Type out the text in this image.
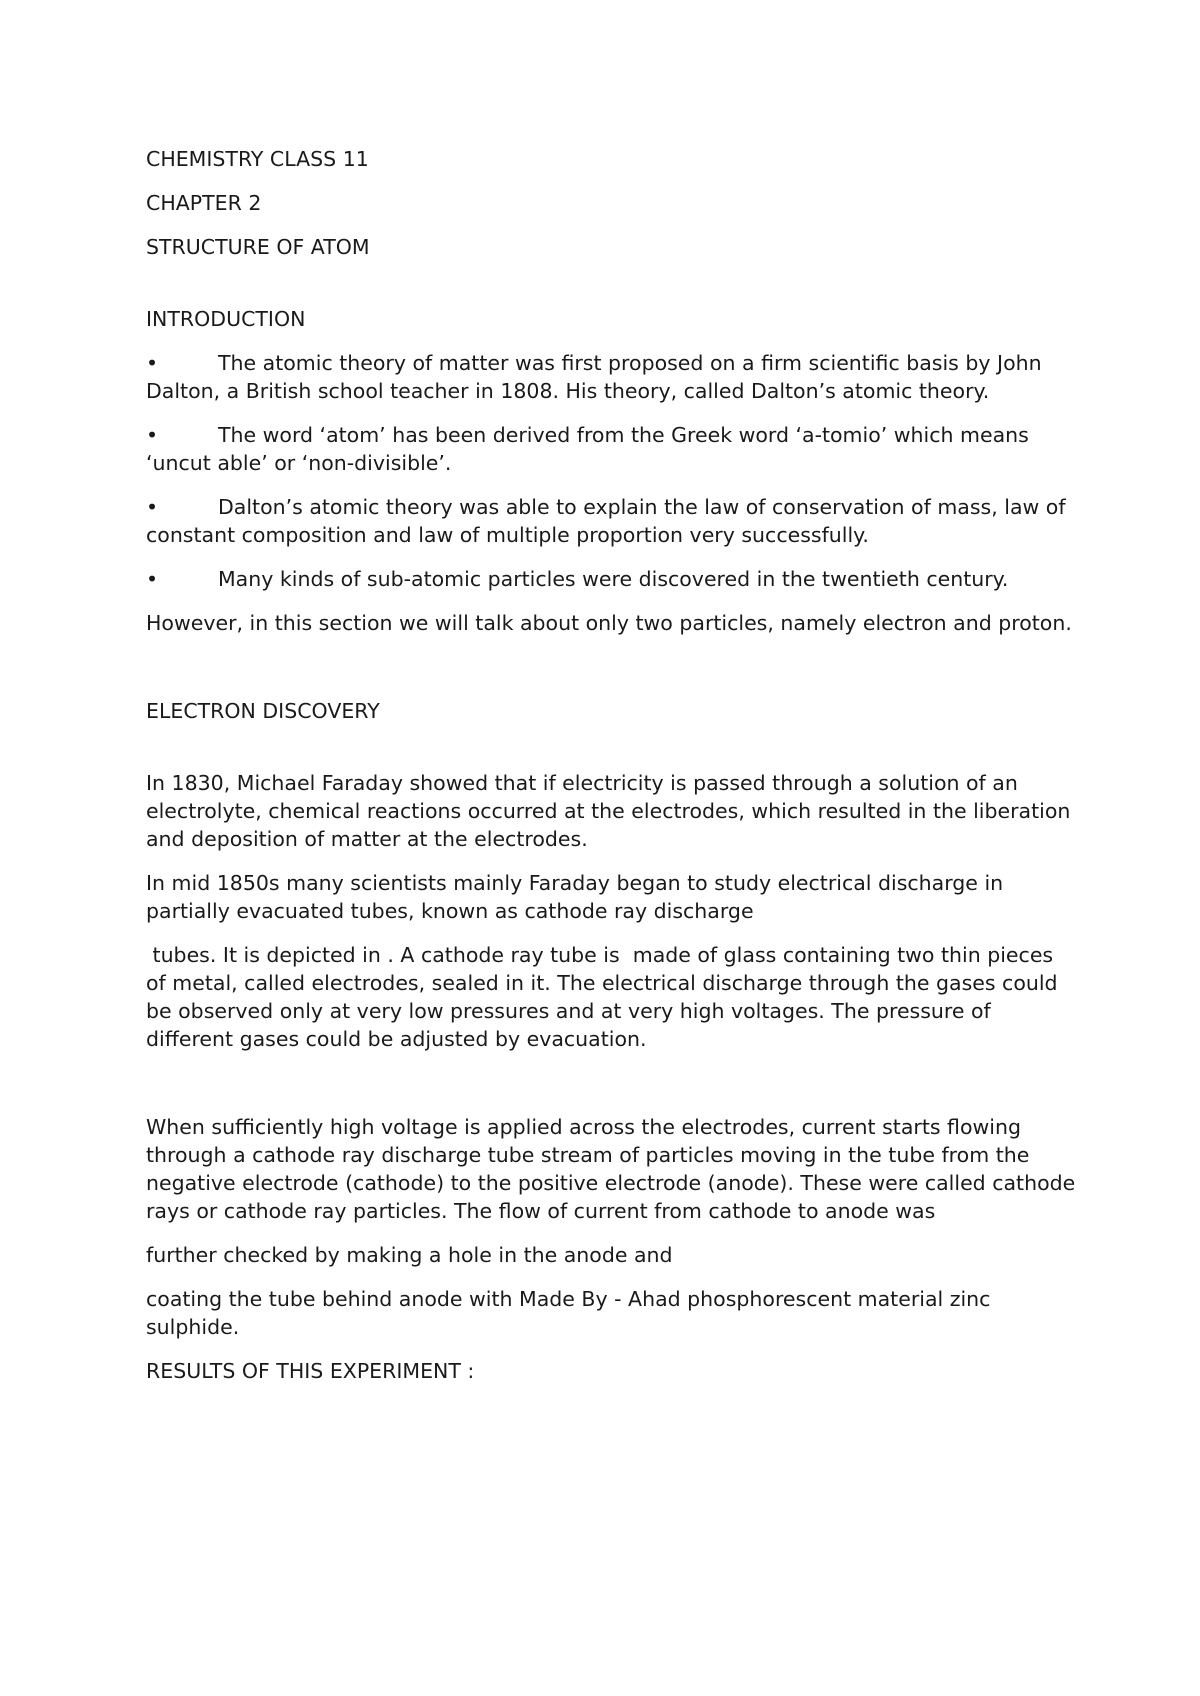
CHEMISTRY CLASS 11

CHAPTER 2

STRUCTURE OF ATOM

INTRODUCTION

•	The atomic theory of matter was first proposed on a firm scientific basis by John Dalton, a British school teacher in 1808. His theory, called Dalton’s atomic theory.

•	The word ‘atom’ has been derived from the Greek word ‘a-tomio’ which means ‘uncut able’ or ‘non-divisible’.

•	Dalton’s atomic theory was able to explain the law of conservation of mass, law of constant composition and law of multiple proportion very successfully.

•	Many kinds of sub-atomic particles were discovered in the twentieth century.

However, in this section we will talk about only two particles, namely electron and proton.

ELECTRON DISCOVERY

In 1830, Michael Faraday showed that if electricity is passed through a solution of an electrolyte, chemical reactions occurred at the electrodes, which resulted in the liberation and deposition of matter at the electrodes.

In mid 1850s many scientists mainly Faraday began to study electrical discharge in partially evacuated tubes, known as cathode ray discharge

tubes. It is depicted in . A cathode ray tube is  made of glass containing two thin pieces of metal, called electrodes, sealed in it. The electrical discharge through the gases could be observed only at very low pressures and at very high voltages. The pressure of different gases could be adjusted by evacuation.

When sufficiently high voltage is applied across the electrodes, current starts flowing through a cathode ray discharge tube stream of particles moving in the tube from the negative electrode (cathode) to the positive electrode (anode). These were called cathode rays or cathode ray particles. The flow of current from cathode to anode was

further checked by making a hole in the anode and

coating the tube behind anode with Made By - Ahad phosphorescent material zinc sulphide.

RESULTS OF THIS EXPERIMENT :
